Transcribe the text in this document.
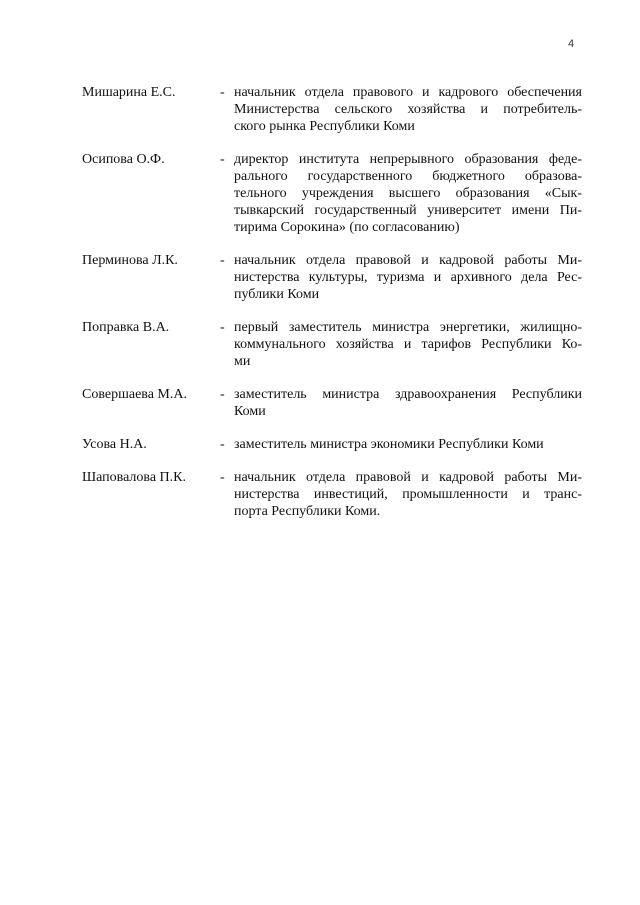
4
Мишарина Е.С.	- начальник отдела правового и кадрового обеспечения
Министерства сельского хозяйства и потребитель-
ского рынка Республики Коми
Осипова О.Ф.	- директор института непрерывного образования феде-
рального государственного бюджетного образова-
тельного учреждения высшего образования «Сык-
тывкарский государственный университет имени Пи-
тирима Сорокина» (по согласованию)
Перминова Л.К.	- начальник отдела правовой и кадровой работы Ми-
нистерства культуры, туризма и архивного дела Рес-
публики Коми
Поправка В.А.	- первый заместитель министра энергетики, жилищно-
коммунального хозяйства и тарифов Республики Ко-
ми
Совершаева М.А.	- заместитель министра здравоохранения Республики
Коми
Усова Н.А.	- заместитель министра экономики Республики Коми
Шаповалова П.К.	- начальник отдела правовой и кадровой работы Ми-
нистерства инвестиций, промышленности и транс-
порта Республики Коми.
